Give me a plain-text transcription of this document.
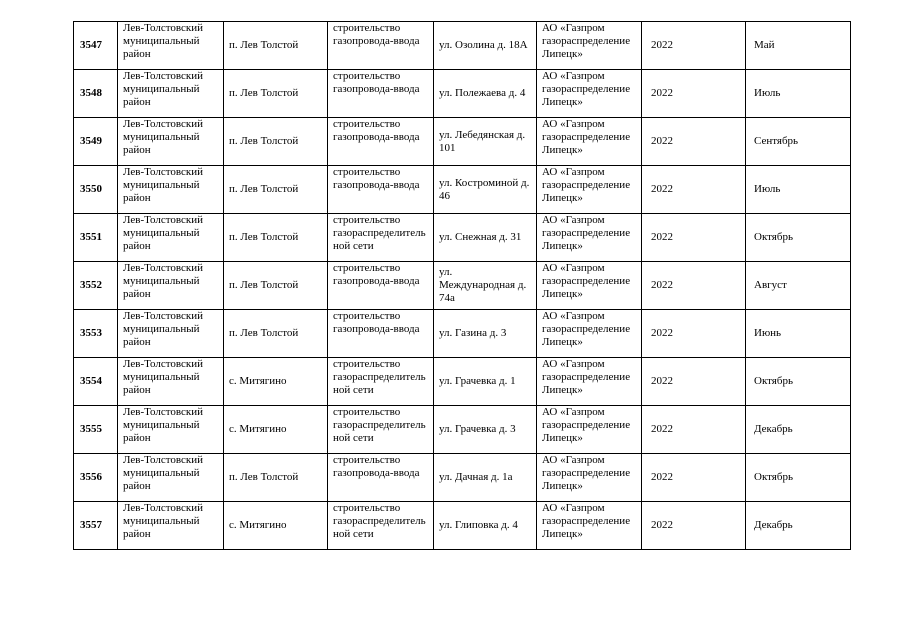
3547	Лев-Толстовский муниципальный район	п. Лев Толстой	строительство газопровода-ввода	ул. Озолина д. 18А	АО «Газпром газораспределение Липецк»	2022	Май
3548	Лев-Толстовский муниципальный район	п. Лев Толстой	строительство газопровода-ввода	ул. Полежаева д. 4	АО «Газпром газораспределение Липецк»	2022	Июль
3549	Лев-Толстовский муниципальный район	п. Лев Толстой	строительство газопровода-ввода	ул. Лебедянская д. 101	АО «Газпром газораспределение Липецк»	2022	Сентябрь
3550	Лев-Толстовский муниципальный район	п. Лев Толстой	строительство газопровода-ввода	ул. Костроминой д. 46	АО «Газпром газораспределение Липецк»	2022	Июль
3551	Лев-Толстовский муниципальный район	п. Лев Толстой	строительство газораспределитель ной сети	ул. Снежная д. 31	АО «Газпром газораспределение Липецк»	2022	Октябрь
3552	Лев-Толстовский муниципальный район	п. Лев Толстой	строительство газопровода-ввода	ул. Международная д. 74а	АО «Газпром газораспределение Липецк»	2022	Август
3553	Лев-Толстовский муниципальный район	п. Лев Толстой	строительство газопровода-ввода	ул. Газина д. 3	АО «Газпром газораспределение Липецк»	2022	Июнь
3554	Лев-Толстовский муниципальный район	с. Митягино	строительство газораспределитель ной сети	ул. Грачевка д. 1	АО «Газпром газораспределение Липецк»	2022	Октябрь
3555	Лев-Толстовский муниципальный район	с. Митягино	строительство газораспределитель ной сети	ул. Грачевка д. 3	АО «Газпром газораспределение Липецк»	2022	Декабрь
3556	Лев-Толстовский муниципальный район	п. Лев Толстой	строительство газопровода-ввода	ул. Дачная д. 1а	АО «Газпром газораспределение Липецк»	2022	Октябрь
3557	Лев-Толстовский муниципальный район	с. Митягино	строительство газораспределитель ной сети	ул. Глиповка д. 4	АО «Газпром газораспределение Липецк»	2022	Декабрь
